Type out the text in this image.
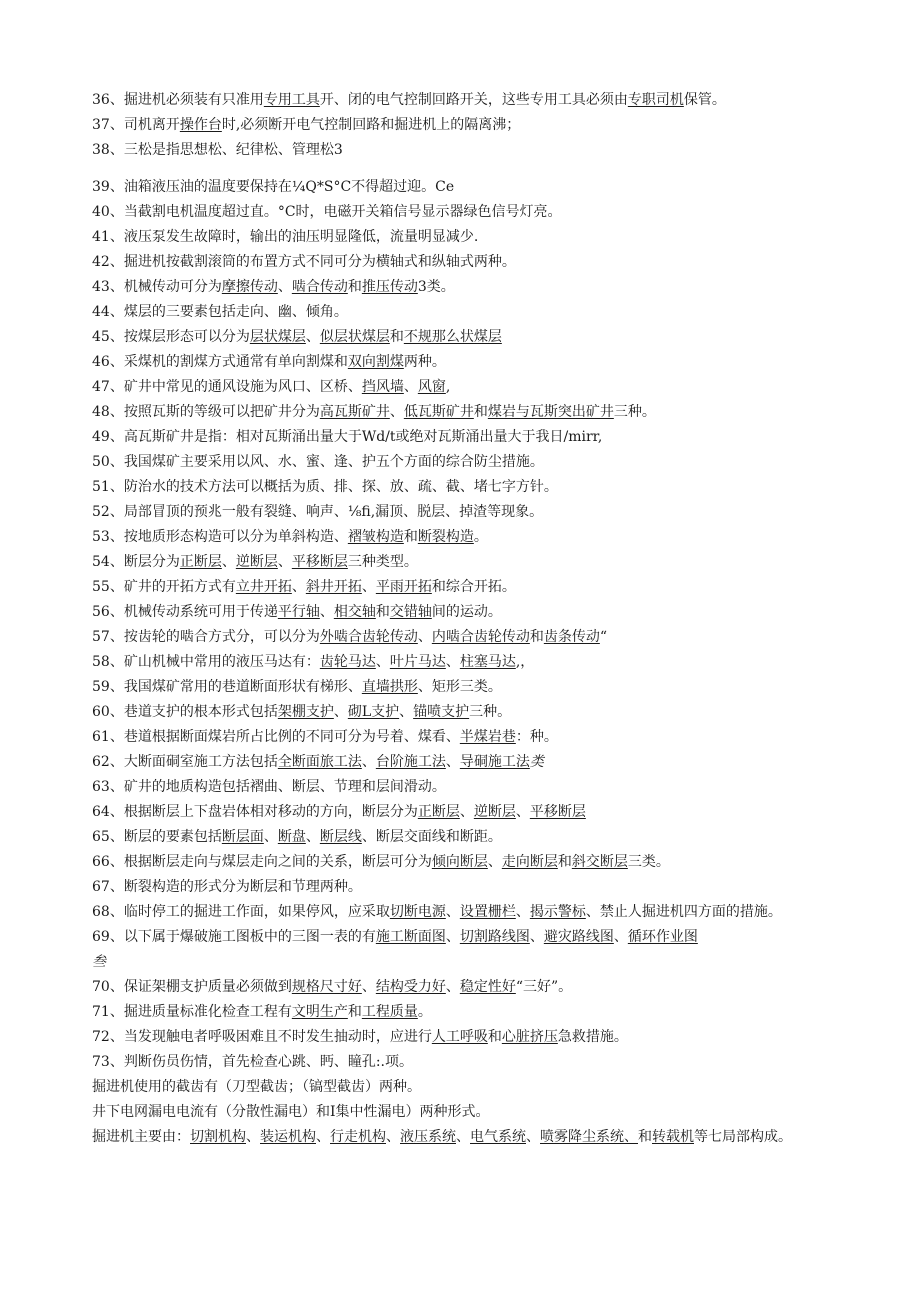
36、掘进机必须装有只准用专用工具开、闭的电气控制回路开关，这些专用工具必须由专职司机保管。
37、司机离开操作台时,必须断开电气控制回路和掘进机上的隔离沸；
38、三松是指思想松、纪律松、管理松3
39、油箱液压油的温度要保持在¼Q*S°C不得超过迎。Ce
40、当截割电机温度超过直。°C时，电磁开关箱信号显示器绿色信号灯亮。
41、液压泵发生故障时，输出的油压明显隆低，流量明显减少.
42、掘进机按截割滚筒的布置方式不同可分为横轴式和纵轴式两种。
43、机械传动可分为摩擦传动、啮合传动和推压传动3类。
44、煤层的三要素包括走向、幽、倾角。
45、按煤层形态可以分为层状煤层、似层状煤层和不规那么状煤层
46、采煤机的割煤方式通常有单向割煤和双向割煤两种。
47、矿井中常见的通风设施为风口、区桥、挡风墙、风窗,
48、按照瓦斯的等级可以把矿井分为高瓦斯矿井、低瓦斯矿井和煤岩与瓦斯突出矿井三种。
49、高瓦斯矿井是指：相对瓦斯涌出量大于Wd/t或绝对瓦斯涌出量大于我日/mirr,
50、我国煤矿主要采用以风、水、蜜、逢、护五个方面的综合防尘措施。
51、防治水的技术方法可以概括为质、排、探、放、疏、截、堵七字方针。
52、局部冒顶的预兆一般有裂缝、响声、⅛fi,漏顶、脱层、掉渣等现象。
53、按地质形态构造可以分为单斜构造、褶皱构造和断裂构造。
54、断层分为正断层、逆断层、平移断层三种类型。
55、矿井的开拓方式有立井开拓、斜井开拓、平雨开拓和综合开拓。
56、机械传动系统可用于传递平行轴、相交轴和交错轴间的运动。
57、按齿轮的啮合方式分，可以分为外啮合齿轮传动、内啮合齿轮传动和齿条传动“
58、矿山机械中常用的液压马达有：齿轮马达、叶片马达、柱塞马达,，
59、我国煤矿常用的巷道断面形状有梯形、直墙拱形、矩形三类。
60、巷道支护的根本形式包括架棚支护、砌L支护、锚喷支护三种。
61、巷道根据断面煤岩所占比例的不同可分为号着、煤看、半煤岩巷：种。
62、大断面硐室施工方法包括全断面旅工法、台阶施工法、导硐施工法类
63、矿井的地质构造包括褶曲、断层、节理和层间滑动。
64、根据断层上下盘岩体相对移动的方向，断层分为正断层、逆断层、平移断层
65、断层的要素包括断层面、断盘、断层线、断层交面线和断距。
66、根据断层走向与煤层走向之间的关系，断层可分为倾向断层、走向断层和斜交断层三类。
67、断裂构造的形式分为断层和节理两种。
68、临时停工的掘进工作面，如果停风，应采取切断电源、设置栅栏、揭示警标、禁止人掘进机四方面的措施。
69、以下属于爆破施工图板中的三图一表的有施工断面图、切割路线图、避灾路线图、循环作业图
叁
70、保证架棚支护质量必须做到规格尺寸好、结构受力好、稳定性好“三好”。
71、掘进质量标准化检查工程有文明生产和工程质量。
72、当发现触电者呼吸困难且不时发生抽动时，应进行人工呼吸和心脏挤压急救措施。
73、判断伤员伤情，首先检查心跳、眄、瞳孔:.项。
掘进机使用的截齿有（刀型截齿；（镐型截齿）两种。
井下电网漏电电流有（分散性漏电）和I集中性漏电）两种形式。
掘进机主要由：切割机构、装运机构、行走机构、液压系统、电气系统、喷雾降尘系统、和转载机等七局部构成。
